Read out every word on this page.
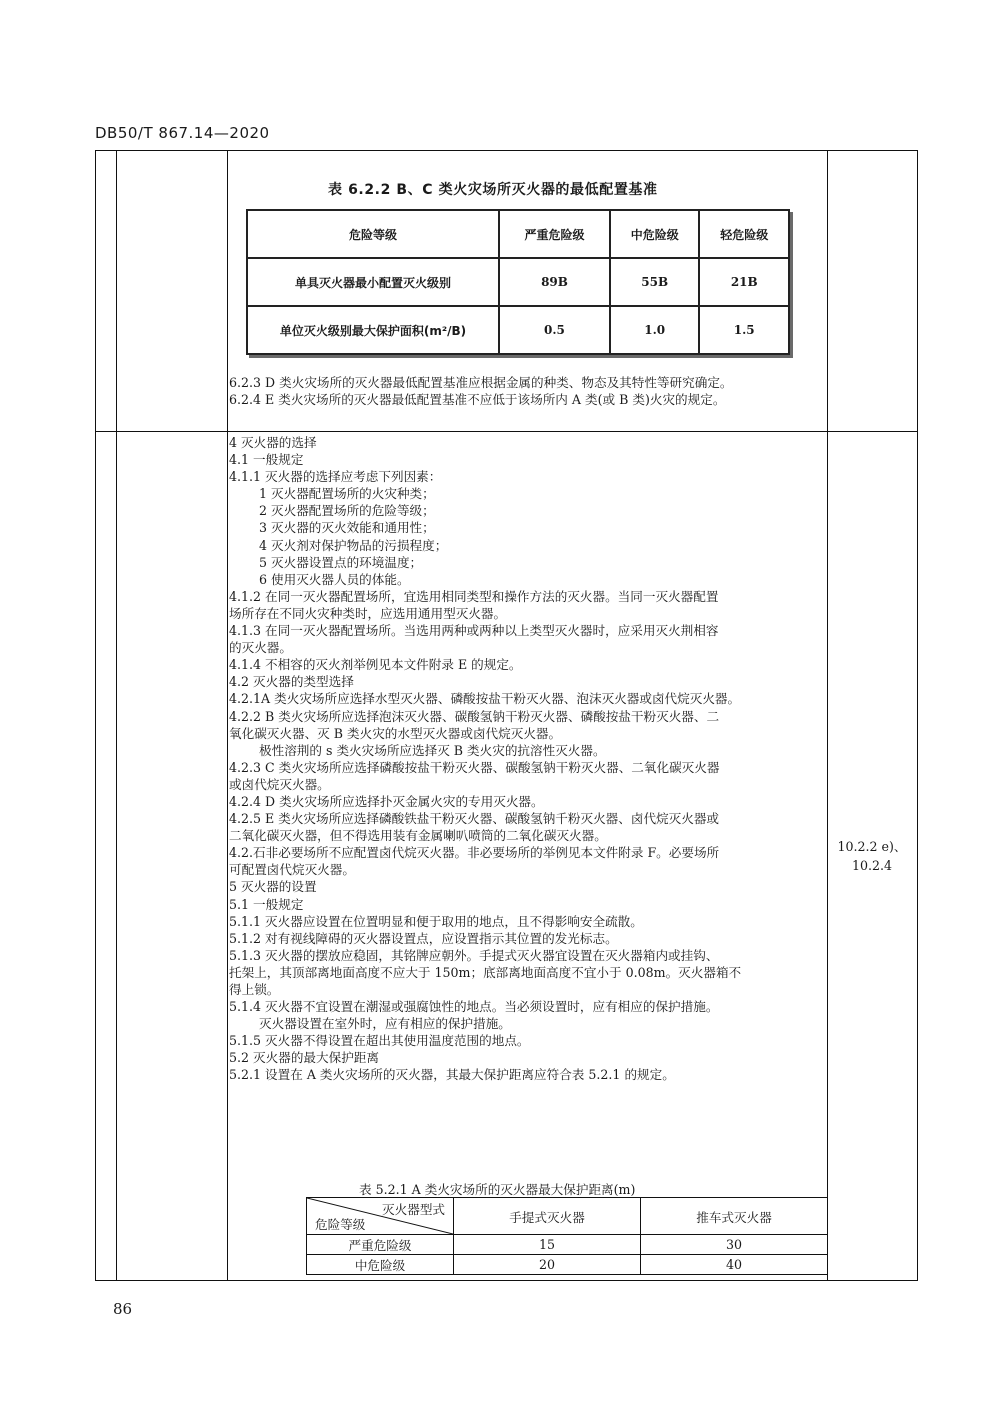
DB50/T 867.14—2020
表 6.2.2 B、C 类火灾场所灭火器的最低配置基准
危险等级	严重危险级	中危险级	轻危险级
单具灭火器最小配置灭火级别	89B	55B	21B
单位灭火级别最大保护面积(m²/B)	0.5	1.0	1.5
6.2.3 D 类火灾场所的灭火器最低配置基准应根据金属的种类、物态及其特性等研究确定。
6.2.4 E 类火灾场所的灭火器最低配置基准不应低于该场所内 A 类(或 B 类)火灾的规定。
4 灭火器的选择
4.1 一般规定
4.1.1 灭火器的选择应考虑下列因素：
1 灭火器配置场所的火灾种类；
2 灭火器配置场所的危险等级；
3 灭火器的灭火效能和通用性；
4 灭火剂对保护物品的污损程度；
5 灭火器设置点的环境温度；
6 使用灭火器人员的体能。
4.1.2 在同一灭火器配置场所，宜选用相同类型和操作方法的灭火器。当同一灭火器配置
场所存在不同火灾种类时，应选用通用型灭火器。
4.1.3 在同一灭火器配置场所。当选用两种或两种以上类型灭火器时，应采用灭火荆相容
的灭火器。
4.1.4 不相容的灭火剂举例见本文件附录 E 的规定。
4.2 灭火器的类型选择
4.2.1A 类火灾场所应选择水型灭火器、磷酸按盐干粉灭火器、泡沫灭火器或卤代烷灭火器。
4.2.2 B 类火灾场所应选择泡沫灭火器、碳酸氢钠干粉灭火器、磷酸按盐干粉灭火器、二
氧化碳灭火器、灭 B 类火灾的水型灭火器或卤代烷灭火器。
极性溶荆的 s 类火灾场所应选择灭 B 类火灾的抗溶性灭火器。
4.2.3 C 类火灾场所应选择磷酸按盐干粉灭火器、碳酸氢钠干粉灭火器、二氧化碳灭火器
或卤代烷灭火器。
4.2.4 D 类火灾场所应选择扑灭金属火灾的专用灭火器。
4.2.5 E 类火灾场所应选择磷酸铁盐干粉灭火器、碳酸氢钠千粉灭火器、卤代烷灭火器或
二氧化碳灭火器，但不得选用装有金属喇叭喷筒的二氧化碳灭火器。
4.2.石非必要场所不应配置卤代烷灭火器。非必要场所的举例见本文件附录 F。必要场所
可配置卤代烷灭火器。
5 灭火器的设置
5.1 一般规定
5.1.1 灭火器应设置在位置明显和便于取用的地点，且不得影响安全疏散。
5.1.2 对有视线障碍的灭火器设置点，应设置指示其位置的发光标志。
5.1.3 灭火器的摆放应稳固，其铭牌应朝外。手提式灭火器宜设置在灭火器箱内或挂钩、
托架上，其顶部离地面高度不应大于 150m；底部离地面高度不宜小于 0.08m。灭火器箱不
得上锁。
5.1.4 灭火器不宜设置在潮湿或强腐蚀性的地点。当必须设置时，应有相应的保护措施。
灭火器设置在室外时，应有相应的保护措施。
5.1.5 灭火器不得设置在超出其使用温度范围的地点。
5.2 灭火器的最大保护距离
5.2.1 设置在 A 类火灾场所的灭火器，其最大保护距离应符合表 5.2.1 的规定。
10.2.2 e)、
10.2.4
表 5.2.1 A 类火灾场所的灭火器最大保护距离(m)
灭火器型式
危险等级	手提式灭火器	推车式灭火器
严重危险级	15	30
中危险级	20	40
86
